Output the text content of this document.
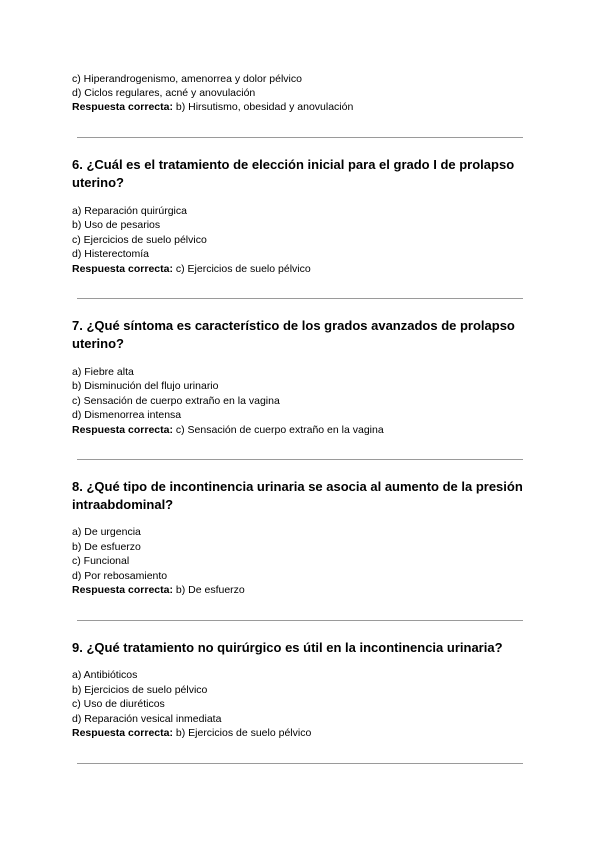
c) Hiperandrogenismo, amenorrea y dolor pélvico
d) Ciclos regulares, acné y anovulación
Respuesta correcta: b) Hirsutismo, obesidad y anovulación
6. ¿Cuál es el tratamiento de elección inicial para el grado I de prolapso uterino?
a) Reparación quirúrgica
b) Uso de pesarios
c) Ejercicios de suelo pélvico
d) Histerectomía
Respuesta correcta: c) Ejercicios de suelo pélvico
7. ¿Qué síntoma es característico de los grados avanzados de prolapso uterino?
a) Fiebre alta
b) Disminución del flujo urinario
c) Sensación de cuerpo extraño en la vagina
d) Dismenorrea intensa
Respuesta correcta: c) Sensación de cuerpo extraño en la vagina
8. ¿Qué tipo de incontinencia urinaria se asocia al aumento de la presión intraabdominal?
a) De urgencia
b) De esfuerzo
c) Funcional
d) Por rebosamiento
Respuesta correcta: b) De esfuerzo
9. ¿Qué tratamiento no quirúrgico es útil en la incontinencia urinaria?
a) Antibióticos
b) Ejercicios de suelo pélvico
c) Uso de diuréticos
d) Reparación vesical inmediata
Respuesta correcta: b) Ejercicios de suelo pélvico
